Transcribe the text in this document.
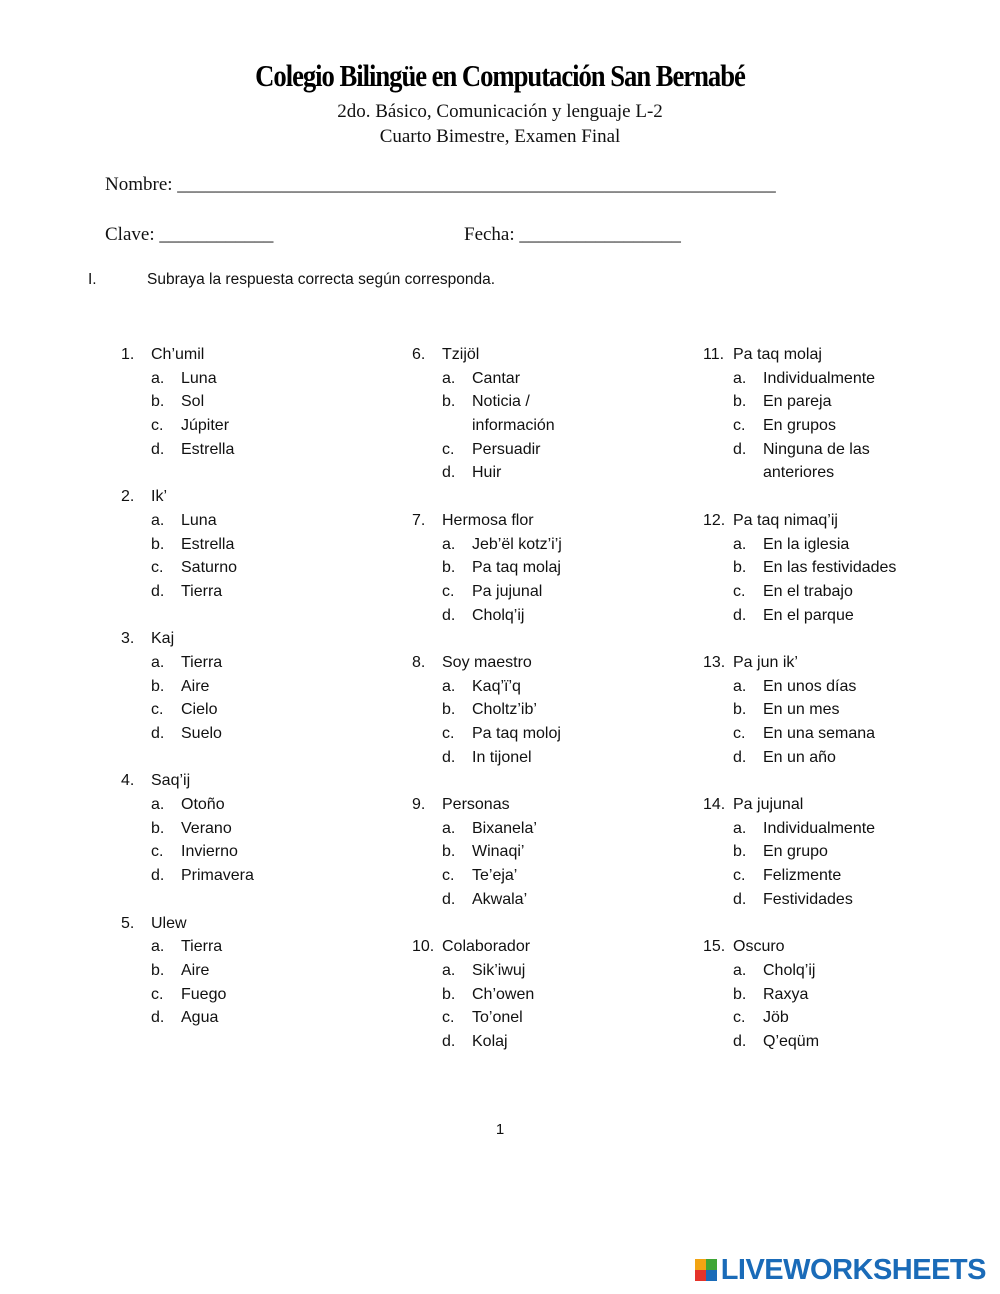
Colegio Bilingüe en Computación San Bernabé
2do. Básico, Comunicación y lenguaje L-2
Cuarto Bimestre, Examen Final
Nombre: _______________________________________________________________
Clave: ____________	Fecha: _________________
I.	Subraya la respuesta correcta según corresponda.
1.	Ch’umil
a. Luna
b. Sol
c. Júpiter
d. Estrella
2.	Ik’
a. Luna
b. Estrella
c. Saturno
d. Tierra
3.	Kaj
a. Tierra
b. Aire
c. Cielo
d. Suelo
4.	Saq’ij
a. Otoño
b. Verano
c. Invierno
d. Primavera
5.	Ulew
a. Tierra
b. Aire
c. Fuego
d. Agua
6.	Tzijöl
a. Cantar
b. Noticia /
información
c. Persuadir
d. Huir
7.	Hermosa flor
a. Jeb’ël kotz’i’j
b. Pa taq molaj
c. Pa jujunal
d. Cholq’ij
8.	Soy maestro
a. Kaq’ï’q
b. Choltz’ib’
c. Pa taq moloj
d. In tijonel
9.	Personas
a. Bixanela’
b. Winaqi’
c. Te’eja’
d. Akwala’
10. Colaborador
a. Sik’iwuj
b. Ch’owen
c. To’onel
d. Kolaj
11. Pa taq molaj
a. Individualmente
b. En pareja
c. En grupos
d. Ninguna de las
anteriores
12. Pa taq nimaq’ij
a. En la iglesia
b. En las festividades
c. En el trabajo
d. En el parque
13. Pa jun ik’
a. En unos días
b. En un mes
c. En una semana
d. En un año
14. Pa jujunal
a. Individualmente
b. En grupo
c. Felizmente
d. Festividades
15. Oscuro
a. Cholq’ij
b. Raxya
c. Jöb
d. Q’eqüm
1
LIVEWORKSHEETS
